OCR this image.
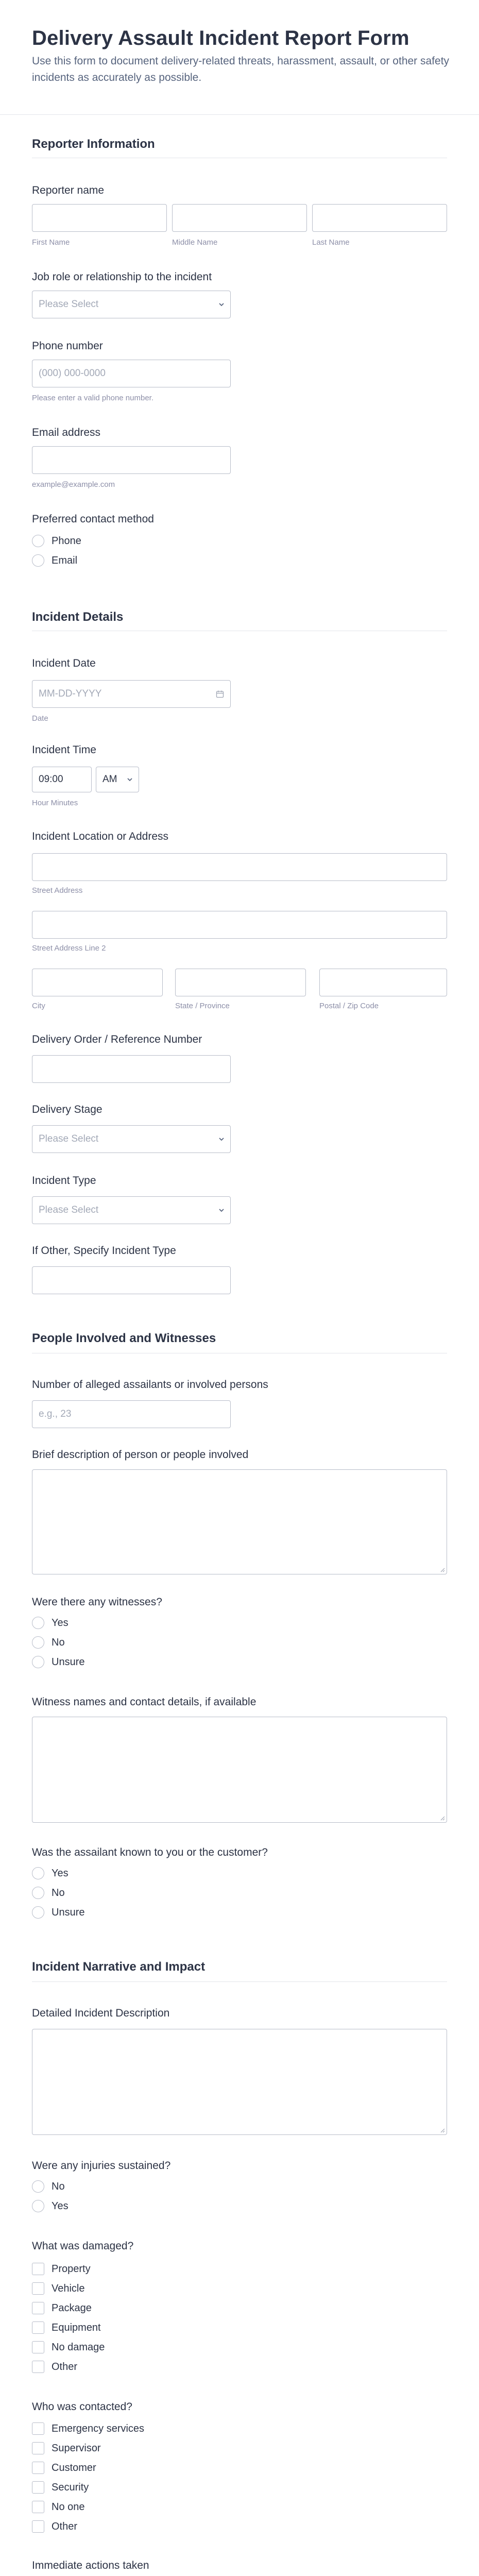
Delivery Assault Incident Report Form
Use this form to document delivery-related threats, harassment, assault, or other safety incidents as accurately as possible.
Reporter Information
Reporter name
First Name	Middle Name	Last Name
Job role or relationship to the incident
Please Select
Phone number
(000) 000-0000
Please enter a valid phone number.
Email address
example@example.com
Preferred contact method
Phone
Email
Incident Details
Incident Date
MM-DD-YYYY
Date
Incident Time
09:00	AM
Hour Minutes
Incident Location or Address
Street Address
Street Address Line 2
City	State / Province	Postal / Zip Code
Delivery Order / Reference Number
Delivery Stage
Please Select
Incident Type
Please Select
If Other, Specify Incident Type
People Involved and Witnesses
Number of alleged assailants or involved persons
e.g., 23
Brief description of person or people involved
Were there any witnesses?
Yes
No
Unsure
Witness names and contact details, if available
Was the assailant known to you or the customer?
Yes
No
Unsure
Incident Narrative and Impact
Detailed Incident Description
Were any injuries sustained?
No
Yes
What was damaged?
Property
Vehicle
Package
Equipment
No damage
Other
Who was contacted?
Emergency services
Supervisor
Customer
Security
No one
Other
Immediate actions taken
